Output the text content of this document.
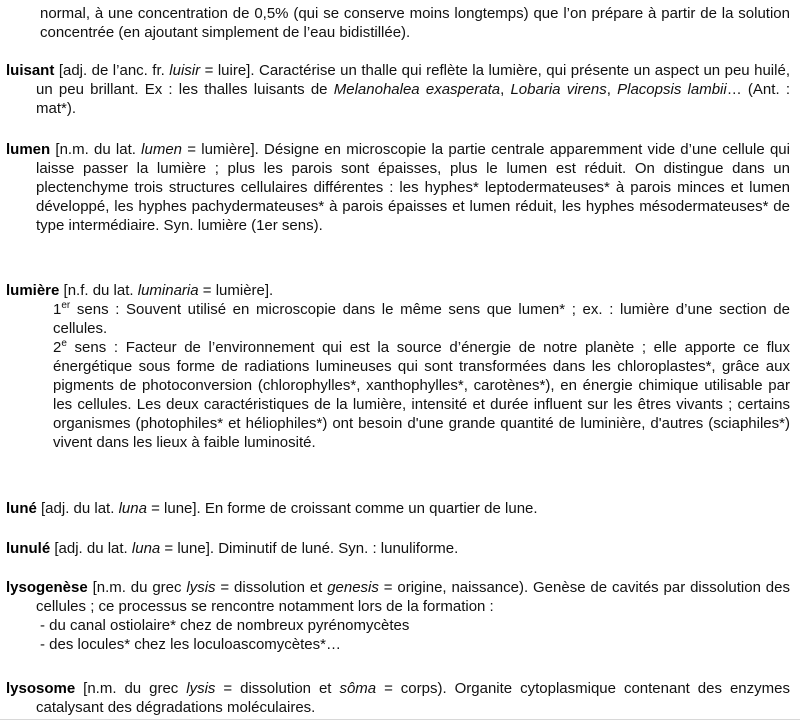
normal, à une concentration de 0,5% (qui se conserve moins longtemps) que l’on prépare à partir de la solution concentrée (en ajoutant simplement de l’eau bidistillée).
luisant [adj. de l’anc. fr. luisir = luire]. Caractérise un thalle qui reflète la lumière, qui présente un aspect un peu huilé, un peu brillant. Ex : les thalles luisants de Melanohalea exasperata, Lobaria virens, Placopsis lambii… (Ant. : mat*).
lumen [n.m. du lat. lumen = lumière]. Désigne en microscopie la partie centrale apparemment vide d’une cellule qui laisse passer la lumière ; plus les parois sont épaisses, plus le lumen est réduit. On distingue dans un plectenchyme trois structures cellulaires différentes : les hyphes* leptodermateuses* à parois minces et lumen développé, les hyphes pachydermateuses* à parois épaisses et lumen réduit, les hyphes mésodermateuses* de type intermédiaire. Syn. lumière (1er sens).
lumière [n.f. du lat. luminaria = lumière].
1er sens : Souvent utilisé en microscopie dans le même sens que lumen* ; ex. : lumière d’une section de cellules.
2e sens : Facteur de l’environnement qui est la source d’énergie de notre planète ; elle apporte ce flux énergétique sous forme de radiations lumineuses qui sont transformées dans les chloroplastes*, grâce aux pigments de photoconversion (chlorophylles*, xanthophylles*, carotènes*), en énergie chimique utilisable par les cellules. Les deux caractéristiques de la lumière, intensité et durée influent sur les êtres vivants ; certains organismes (photophiles* et héliophiles*) ont besoin d'une grande quantité de luminière, d'autres (sciaphiles*) vivent dans les lieux à faible luminosité.
luné [adj. du lat. luna = lune]. En forme de croissant comme un quartier de lune.
lunulé [adj. du lat. luna = lune]. Diminutif de luné. Syn. : lunuliforme.
lysogenèse [n.m. du grec lysis = dissolution et genesis = origine, naissance). Genèse de cavités par dissolution des cellules ; ce processus se rencontre notamment lors de la formation :
- du canal ostiolaire* chez de nombreux pyrénomycètes
- des locules* chez les loculoascomycètes*…
lysosome [n.m. du grec lysis = dissolution et sôma = corps). Organite cytoplasmique contenant des enzymes catalysant des dégradations moléculaires.
